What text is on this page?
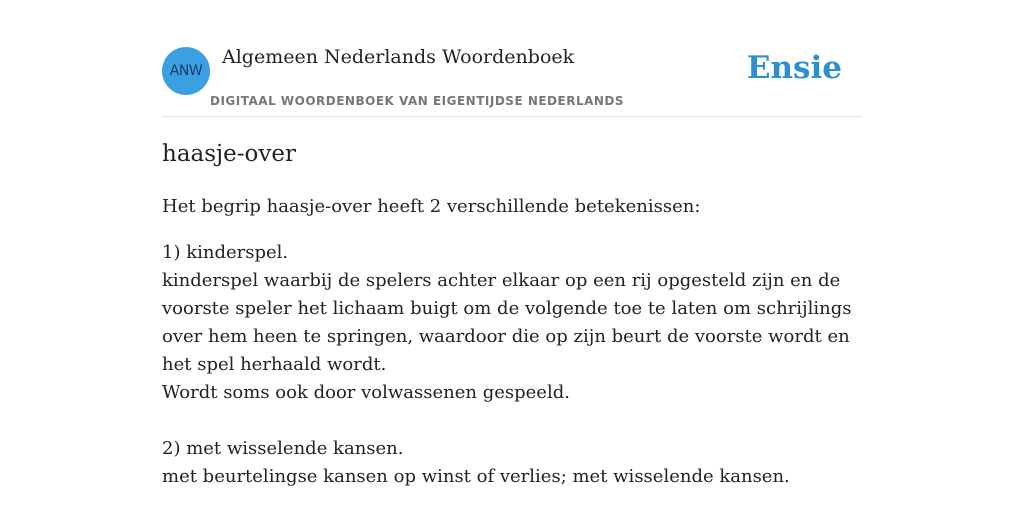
ANW
Algemeen Nederlands Woordenboek
DIGITAAL WOORDENBOEK VAN EIGENTIJDSE NEDERLANDS
Ensie
haasje-over

Het begrip haasje-over heeft 2 verschillende betekenissen:

1) kinderspel.

kinderspel waarbij de spelers achter elkaar op een rij opgesteld zijn en de voorste speler het lichaam buigt om de volgende toe te laten om schrijlings over hem heen te springen, waardoor die op zijn beurt de voorste wordt en het spel herhaald wordt.

Wordt soms ook door volwassenen gespeeld.

2) met wisselende kansen.

met beurtelingse kansen op winst of verlies; met wisselende kansen.
